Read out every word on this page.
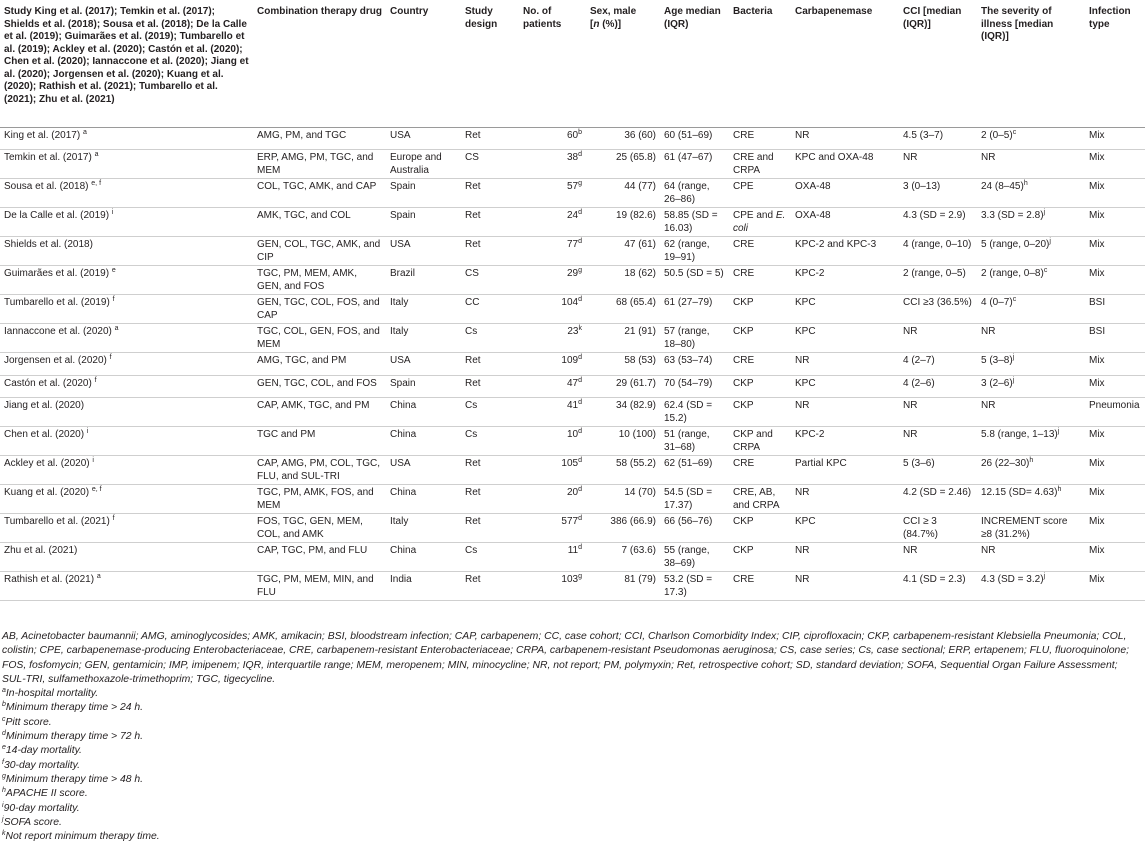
Study King et al. (2017); Temkin et al. (2017); Shields et al. (2018); Sousa et al. (2018); De la Calle et al. (2019); Guimarães et al. (2019); Tumbarello et al. (2019); Ackley et al. (2020); Castón et al. (2020); Chen et al. (2020); Iannaccone et al. (2020); Jiang et al. (2020); Jorgensen et al. (2020); Kuang et al. (2020); Rathish et al. (2021); Tumbarello et al. (2021); Zhu et al. (2021)	Combination therapy drug	Country	Study design	No. of patients	Sex, male
[n (%)]	Age median (IQR)	Bacteria	Carbapenemase	CCI [median (IQR)]	The severity of illness [median (IQR)]	Infection type
King et al. (2017) $^a$	AMG, PM, and TGC	USA	Ret	60$^b$	36 (60)	60 (51–69)	CRE	NR	4.5 (3–7)	2 $(0-5)^c$	Mix
Temkin et al. (2017) $^a$	ERP, AMG, PM, TGC, and MEM	Europe and Australia	CS	38$^d$	25 (65.8)	61 (47–67)	CRE and CRPA	KPC and OXA-48	NR	NR	Mix
Sousa et al. (2018) $^{e, f}$	COL, TGC, AMK, and CAP	Spain	Ret	57$^g$	44 (77)	64 (range, 26–86)	CPE	OXA-48	3 (0–13)	24 $(8-45)^h$	Mix
De la Calle et al. (2019) $^i$	AMK, TGC, and COL	Spain	Ret	24$^d$	19 (82.6)	58.85 (SD = 16.03)	CPE and E. coli	OXA-48	4.3 (SD = 2.9)	3.3 (SD = 2.8)$^j$	Mix
Shields et al. (2018)	GEN, COL, TGC, AMK, and CIP	USA	Ret	77$^d$	47 (61)	62 (range, 19–91)	CRE	KPC-2 and KPC-3	4 (range, 0–10)	5 (range, 0–20)$^j$	Mix
Guimarães et al. (2019) $^e$	TGC, PM, MEM, AMK, GEN, and FOS	Brazil	CS	29$^g$	18 (62)	50.5 (SD = 5)	CRE	KPC-2	2 (range, 0–5)	2 (range, 0–8)$^c$	Mix
Tumbarello et al. (2019) $^f$	GEN, TGC, COL, FOS, and CAP	Italy	CC	104$^d$	68 (65.4)	61 (27–79)	CKP	KPC	CCI ≥3 (36.5%)	4 $(0-7)^c$	BSI
Iannaccone et al. (2020) $^a$	TGC, COL, GEN, FOS, and MEM	Italy	Cs	23$^k$	21 (91)	57 (range, 18–80)	CKP	KPC	NR	NR	BSI
Jorgensen et al. (2020) $^f$	AMG, TGC, and PM	USA	Ret	109$^d$	58 (53)	63 (53–74)	CRE	NR	4 (2–7)	5 $(3-8)^j$	Mix
Castón et al. (2020) $^f$	GEN, TGC, COL, and FOS	Spain	Ret	47$^d$	29 (61.7)	70 (54–79)	CKP	KPC	4 (2–6)	3 $(2-6)^j$	Mix
Jiang et al. (2020)	CAP, AMK, TGC, and PM	China	Cs	41$^d$	34 (82.9)	62.4 (SD = 15.2)	CKP	NR	NR	NR	Pneumonia
Chen et al. (2020) $^i$	TGC and PM	China	Cs	10$^d$	10 (100)	51 (range, 31–68)	CKP and CRPA	KPC-2	NR	5.8 (range, 1–13)$^j$	Mix
Ackley et al. (2020) $^i$	CAP, AMG, PM, COL, TGC, FLU, and SUL-TRI	USA	Ret	105$^d$	58 (55.2)	62 (51–69)	CRE	Partial KPC	5 (3–6)	26 $(22-30)^h$	Mix
Kuang et al. (2020) $^{e, f}$	TGC, PM, AMK, FOS, and MEM	China	Ret	20$^d$	14 (70)	54.5 (SD = 17.37)	CRE, AB, and CRPA	NR	4.2 (SD = 2.46)	12.15 (SD= 4.63)$^h$	Mix
Tumbarello et al. (2021) $^f$	FOS, TGC, GEN, MEM, COL, and AMK	Italy	Ret	577$^d$	386 (66.9)	66 (56–76)	CKP	KPC	CCI ≥ 3 (84.7%)	INCREMENT score ≥8 (31.2%)	Mix
Zhu et al. (2021)	CAP, TGC, PM, and FLU	China	Cs	11$^d$	7 (63.6)	55 (range, 38–69)	CKP	NR	NR	NR	Mix
Rathish et al. (2021) $^a$	TGC, PM, MEM, MIN, and FLU	India	Ret	103$^g$	81 (79)	53.2 (SD = 17.3)	CRE	NR	4.1 (SD = 2.3)	4.3 (SD = 3.2)$^j$	Mix

AB, Acinetobacter baumannii; AMG, aminoglycosides; AMK, amikacin; BSI, bloodstream infection; CAP, carbapenem; CC, case cohort; CCI, Charlson Comorbidity Index; CIP, ciprofloxacin; CKP, carbapenem-resistant Klebsiella Pneumonia; COL, colistin; CPE, carbapenemase-producing Enterobacteriaceae, CRE, carbapenem-resistant Enterobacteriaceae; CRPA, carbapenem-resistant Pseudomonas aeruginosa; CS, case series; Cs, case sectional; ERP, ertapenem; FLU, fluoroquinolone; FOS, fosfomycin; GEN, gentamicin; IMP, imipenem; IQR, interquartile range; MEM, meropenem; MIN, minocycline; NR, not report; PM, polymyxin; Ret, retrospective cohort; SD, standard deviation; SOFA, Sequential Organ Failure Assessment; SUL-TRI, sulfamethoxazole-trimethoprim; TGC, tigecycline.

$^a$In-hospital mortality.

$^b$Minimum therapy time > 24 h.

$^c$Pitt score.

$^d$Minimum therapy time > 72 h.

$^e$14-day mortality.

$^f$30-day mortality.

$^g$Minimum therapy time > 48 h.

$^h$APACHE II score.

$^i$90-day mortality.

$^j$SOFA score.

$^k$Not report minimum therapy time.
